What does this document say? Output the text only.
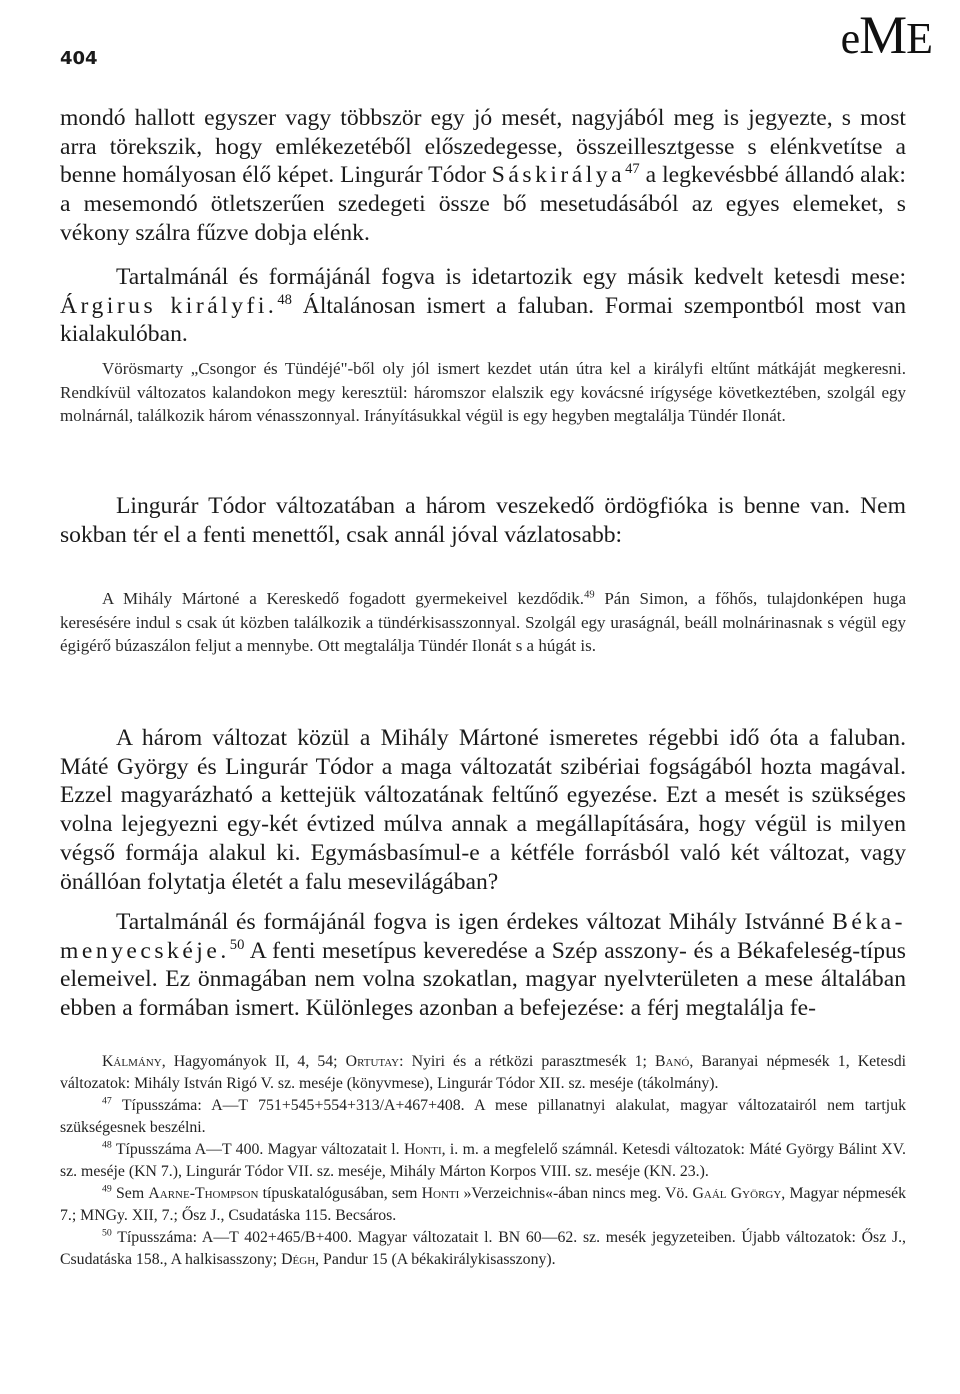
404	eME

mondó hallott egyszer vagy többször egy jó mesét, nagyjából meg is jegyezte, s most arra törekszik, hogy emlékezetéből előszedegesse, összeillesztgesse s elénkvetítse a benne homályosan élő képet. Lingurár Tódor Sáskirálya$^{47}$ a legkevésbbé állandó alak: a mesemondó ötletszerűen szedegeti össze bő mesetudásából az egyes elemeket, s vékony szálra fűzve dobja elénk.

Tartalmánál és formájánál fogva is idetartozik egy másik kedvelt ketesdi mese: Árgirus királyfi.$^{48}$ Általánosan ismert a faluban. Formai szempontból most van kialakulóban.

Vörösmarty „Csongor és Tündéjé"-ből oly jól ismert kezdet után útra kel a királyfi eltűnt mátkáját megkeresni. Rendkívül változatos kalandokon megy keresztül: háromszor elalszik egy kovácsné irígysége következtében, szolgál egy molnárnál, találkozik három vénasszonnyal. Irányításukkal végül is egy hegyben megtalálja Tündér Ilonát.

Lingurár Tódor változatában a három veszekedő ördögfióka is benne van. Nem sokban tér el a fenti menettől, csak annál jóval vázlatosabb:

A Mihály Mártoné a Kereskedő fogadott gyermekeivel kezdődik.$^{49}$ Pán Simon, a főhős, tulajdonképen huga keresésére indul s csak út közben találkozik a tündérkisasszonnyal. Szolgál egy uraságnál, beáll molnárinasnak s végül egy égigérő búzaszálon feljut a mennybe. Ott megtalálja Tündér Ilonát s a húgát is.

A három változat közül a Mihály Mártoné ismeretes régebbi idő óta a faluban. Máté György és Lingurár Tódor a maga változatát szibériai fogságából hozta magával. Ezzel magyarázható a kettejük változatának feltűnő egyezése. Ezt a mesét is szükséges volna lejegyezni egy-két évtized múlva annak a megállapítására, hogy végül is milyen végső formája alakul ki. Egymásbasímul-e a kétféle forrásból való két változat, vagy önállóan folytatja életét a falu mesevilágában?

Tartalmánál és formájánál fogva is igen érdekes változat Mihály Istvánné Béka-menyecskéje.$^{50}$ A fenti mesetípus keveredése a Szép asszony- és a Békafeleség-típus elemeivel. Ez önmagában nem volna szokatlan, magyar nyelvterületen a mese általában ebben a formában ismert. Különleges azonban a befejezése: a férj megtalálja fe-

Kálmány, Hagyományok II, 4, 54; Ortutay: Nyiri és a rétközi parasztmesék 1; Banó, Baranyai népmesék 1, Ketesdi változatok: Mihály István Rigó V. sz. meséje (könyvmese), Lingurár Tódor XII. sz. meséje (tákolmány).

$^{47}$ Típusszáma: A—T 751+545+554+313/A+467+408. A mese pillanatnyi alakulat, magyar változatairól nem tartjuk szükségesnek beszélni.

$^{48}$ Típusszáma A—T 400. Magyar változatait l. Honti, i. m. a megfelelő számnál. Ketesdi változatok: Máté György Bálint XV. sz. meséje (KN 7.), Lingurár Tódor VII. sz. meséje, Mihály Márton Korpos VIII. sz. meséje (KN. 23.).

$^{49}$ Sem Aarne-Thompson típuskatalógusában, sem Honti »Verzeichnis«-ában nincs meg. Vö. Gaál György, Magyar népmesék 7.; MNGy. XII, 7.; Ősz J., Csudatáska 115. Becsáros.

$^{50}$ Típusszáma: A—T 402+465/B+400. Magyar változatait l. BN 60—62. sz. mesék jegyzeteiben. Újabb változatok: Ősz J., Csudatáska 158., A halkisasszony; Dégh, Pandur 15 (A békakirálykisasszony).
